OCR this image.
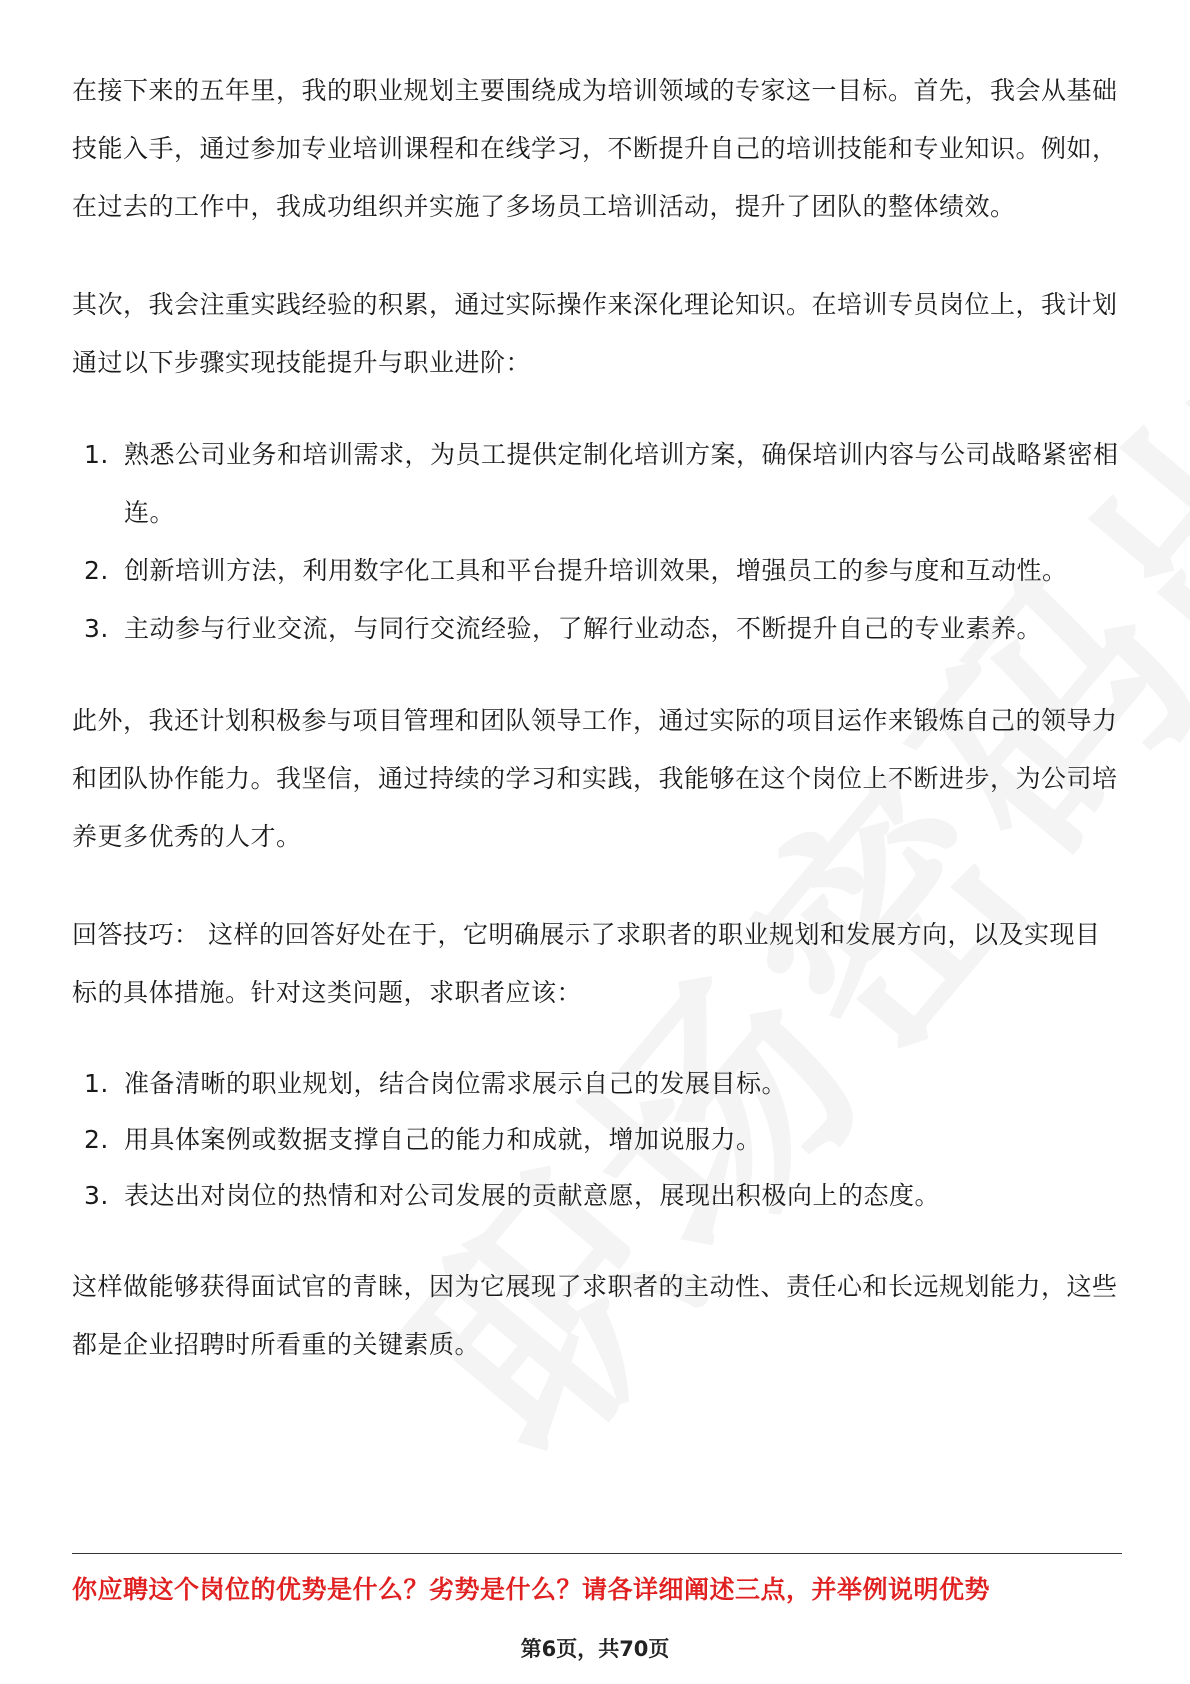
在接下来的五年里，我的职业规划主要围绕成为培训领域的专家这一目标。首先，我会从基础技能入手，通过参加专业培训课程和在线学习，不断提升自己的培训技能和专业知识。例如，在过去的工作中，我成功组织并实施了多场员工培训活动，提升了团队的整体绩效。

其次，我会注重实践经验的积累，通过实际操作来深化理论知识。在培训专员岗位上，我计划通过以下步骤实现技能提升与职业进阶：

1. 熟悉公司业务和培训需求，为员工提供定制化培训方案，确保培训内容与公司战略紧密相连。
2. 创新培训方法，利用数字化工具和平台提升培训效果，增强员工的参与度和互动性。
3. 主动参与行业交流，与同行交流经验，了解行业动态，不断提升自己的专业素养。

此外，我还计划积极参与项目管理和团队领导工作，通过实际的项目运作来锻炼自己的领导力和团队协作能力。我坚信，通过持续的学习和实践，我能够在这个岗位上不断进步，为公司培养更多优秀的人才。

回答技巧： 这样的回答好处在于，它明确展示了求职者的职业规划和发展方向，以及实现目标的具体措施。针对这类问题，求职者应该：

1. 准备清晰的职业规划，结合岗位需求展示自己的发展目标。
2. 用具体案例或数据支撑自己的能力和成就，增加说服力。
3. 表达出对岗位的热情和对公司发展的贡献意愿，展现出积极向上的态度。

这样做能够获得面试官的青睐，因为它展现了求职者的主动性、责任心和长远规划能力，这些都是企业招聘时所看重的关键素质。

你应聘这个岗位的优势是什么？劣势是什么？请各详细阐述三点，并举例说明优势
第6页，共70页
